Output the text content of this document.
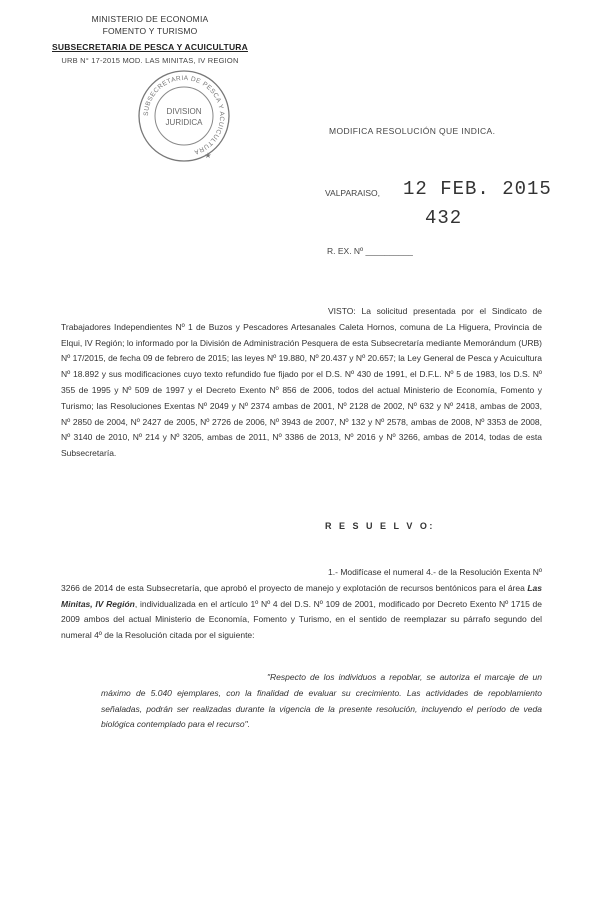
MINISTERIO DE ECONOMIA
FOMENTO Y TURISMO
SUBSECRETARIA DE PESCA Y ACUICULTURA
URB N° 17-2015 MOD. LAS MINITAS, IV REGION
SUBSECRETARIA DE PESCA Y ACUICULTURA
DIVISION
JURIDICA
★
MODIFICA RESOLUCIÓN QUE INDICA.
12 FEB. 2015
VALPARAISO,
432
R. EX. Nº __________
VISTO: La solicitud presentada por el Sindicato de Trabajadores Independientes Nº 1 de Buzos y Pescadores Artesanales Caleta Hornos, comuna de La Higuera, Provincia de Elqui, IV Región; lo informado por la División de Administración Pesquera de esta Subsecretaría mediante Memorándum (URB) Nº 17/2015, de fecha 09 de febrero de 2015; las leyes Nº 19.880, Nº 20.437 y Nº 20.657; la Ley General de Pesca y Acuicultura Nº 18.892 y sus modificaciones cuyo texto refundido fue fijado por el D.S. Nº 430 de 1991, el D.F.L. Nº 5 de 1983, los D.S. Nº 355 de 1995 y Nº 509 de 1997 y el Decreto Exento Nº 856 de 2006, todos del actual Ministerio de Economía, Fomento y Turismo; las Resoluciones Exentas Nº 2049 y Nº 2374 ambas de 2001, Nº 2128 de 2002, Nº 632 y Nº 2418, ambas de 2003, Nº 2850 de 2004, Nº 2427 de 2005, Nº 2726 de 2006, Nº 3943 de 2007, Nº 132 y Nº 2578, ambas de 2008, Nº 3353 de 2008, Nº 3140 de 2010, Nº 214 y Nº 3205, ambas de 2011, Nº 3386 de 2013, Nº 2016 y Nº 3266, ambas de 2014, todas de esta Subsecretaría.
R E S U E L V O:
1.- Modifícase el numeral 4.- de la Resolución Exenta Nº 3266 de 2014 de esta Subsecretaría, que aprobó el proyecto de manejo y explotación de recursos bentónicos para el área Las Minitas, IV Región, individualizada en el artículo 1º Nº 4 del D.S. Nº 109 de 2001, modificado por Decreto Exento Nº 1715 de 2009 ambos del actual Ministerio de Economía, Fomento y Turismo, en el sentido de reemplazar su párrafo segundo del numeral 4º de la Resolución citada por el siguiente:
"Respecto de los individuos a repoblar, se autoriza el marcaje de un máximo de 5.040 ejemplares, con la finalidad de evaluar su crecimiento. Las actividades de repoblamiento señaladas, podrán ser realizadas durante la vigencia de la presente resolución, incluyendo el período de veda biológica contemplado para el recurso".
